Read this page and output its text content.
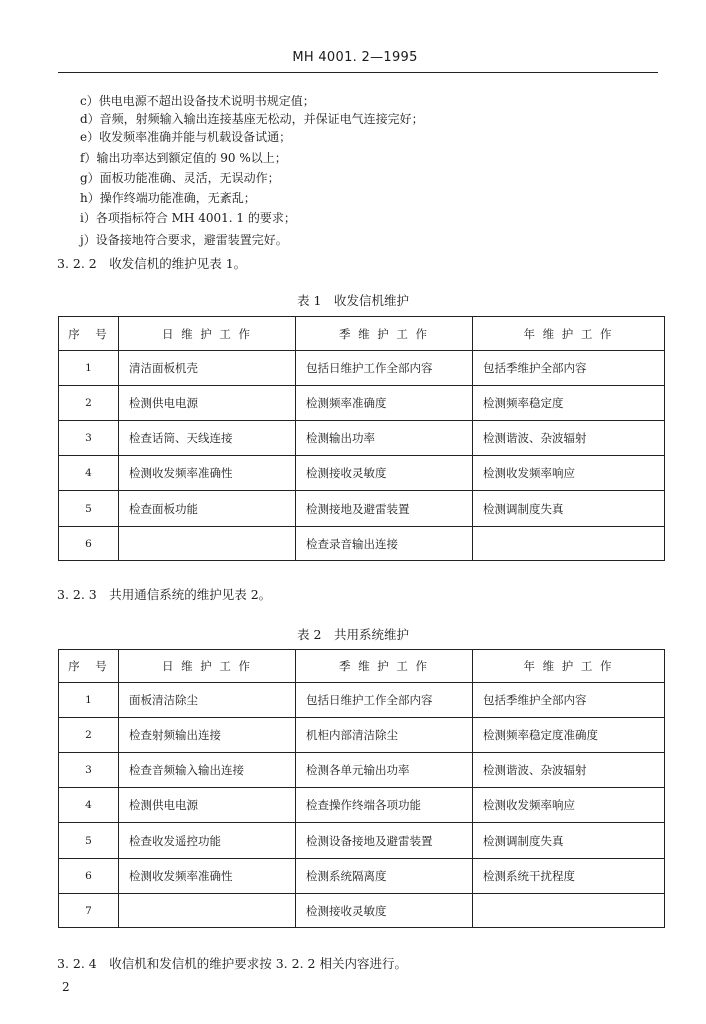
MH 4001. 2—1995
c）供电电源不超出设备技术说明书规定值；
d）音频，射频输入输出连接基座无松动，并保证电气连接完好；
e）收发频率准确并能与机载设备试通；
f）输出功率达到额定值的 90 %以上；
g）面板功能准确、灵活，无误动作；
h）操作终端功能准确，无紊乱；
i）各项指标符合 MH 4001. 1 的要求；
j）设备接地符合要求，避雷装置完好。
3. 2. 2　收发信机的维护见表 1。
表 1　收发信机维护
序　号	日 维 护 工 作	季 维 护 工 作	年 维 护 工 作
1	清洁面板机壳	包括日维护工作全部内容	包括季维护全部内容
2	检测供电电源	检测频率准确度	检测频率稳定度
3	检查话筒、天线连接	检测输出功率	检测谐波、杂波辐射
4	检测收发频率准确性	检测接收灵敏度	检测收发频率响应
5	检查面板功能	检测接地及避雷装置	检测调制度失真
6		检查录音输出连接	
3. 2. 3　共用通信系统的维护见表 2。
表 2　共用系统维护
序　号	日 维 护 工 作	季 维 护 工 作	年 维 护 工 作
1	面板清洁除尘	包括日维护工作全部内容	包括季维护全部内容
2	检查射频输出连接	机柜内部清洁除尘	检测频率稳定度准确度
3	检查音频输入输出连接	检测各单元输出功率	检测谐波、杂波辐射
4	检测供电电源	检查操作终端各项功能	检测收发频率响应
5	检查收发遥控功能	检测设备接地及避雷装置	检测调制度失真
6	检测收发频率准确性	检测系统隔离度	检测系统干扰程度
7		检测接收灵敏度	
3. 2. 4　收信机和发信机的维护要求按 3. 2. 2 相关内容进行。
2
